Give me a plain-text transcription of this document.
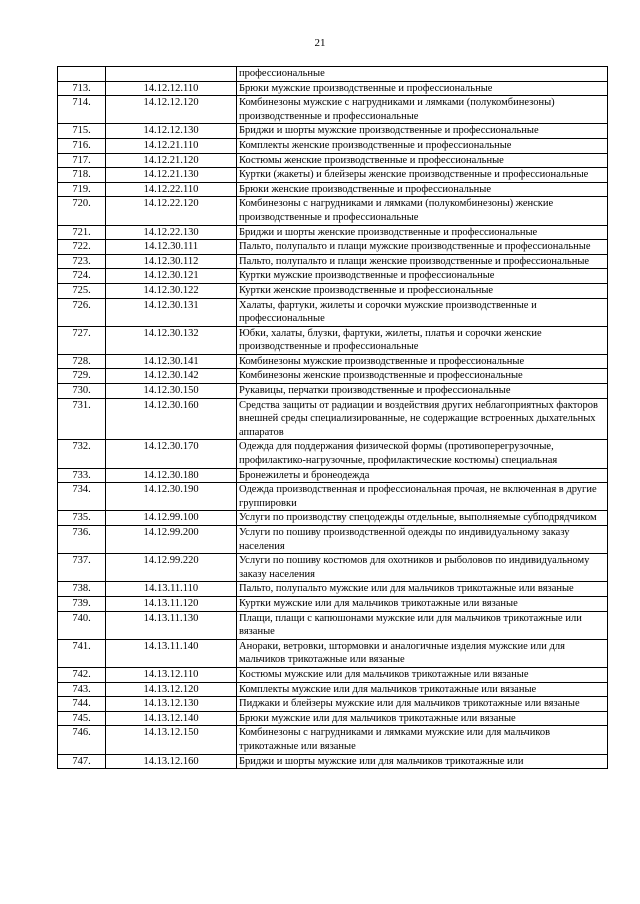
21
		профессиональные
713.	14.12.12.110	Брюки мужские производственные и профессиональные
714.	14.12.12.120	Комбинезоны мужские с нагрудниками и лямками (полукомбинезоны) производственные и профессиональные
715.	14.12.12.130	Бриджи и шорты мужские производственные и профессиональные
716.	14.12.21.110	Комплекты женские производственные и профессиональные
717.	14.12.21.120	Костюмы женские производственные и профессиональные
718.	14.12.21.130	Куртки (жакеты) и блейзеры женские производственные и профессиональные
719.	14.12.22.110	Брюки женские производственные и профессиональные
720.	14.12.22.120	Комбинезоны с нагрудниками и лямками (полукомбинезоны) женские производственные и профессиональные
721.	14.12.22.130	Бриджи и шорты женские производственные и профессиональные
722.	14.12.30.111	Пальто, полупальто и плащи мужские производственные и профессиональные
723.	14.12.30.112	Пальто, полупальто и плащи женские производственные и профессиональные
724.	14.12.30.121	Куртки мужские производственные и профессиональные
725.	14.12.30.122	Куртки женские производственные и профессиональные
726.	14.12.30.131	Халаты, фартуки, жилеты и сорочки мужские производственные и профессиональные
727.	14.12.30.132	Юбки, халаты, блузки, фартуки, жилеты, платья и сорочки женские производственные и профессиональные
728.	14.12.30.141	Комбинезоны мужские производственные и профессиональные
729.	14.12.30.142	Комбинезоны женские производственные и профессиональные
730.	14.12.30.150	Рукавицы, перчатки производственные и профессиональные
731.	14.12.30.160	Средства защиты от радиации и воздействия других неблагоприятных факторов внешней среды специализированные, не содержащие встроенных дыхательных аппаратов
732.	14.12.30.170	Одежда для поддержания физической формы (противоперегрузочные, профилактико-нагрузочные, профилактические костюмы) специальная
733.	14.12.30.180	Бронежилеты и бронеодежда
734.	14.12.30.190	Одежда производственная и профессиональная прочая, не включенная в другие группировки
735.	14.12.99.100	Услуги по производству спецодежды отдельные, выполняемые субподрядчиком
736.	14.12.99.200	Услуги по пошиву производственной одежды по индивидуальному заказу населения
737.	14.12.99.220	Услуги по пошиву костюмов для охотников и рыболовов по индивидуальному заказу населения
738.	14.13.11.110	Пальто, полупальто мужские или для мальчиков трикотажные или вязаные
739.	14.13.11.120	Куртки мужские или для мальчиков трикотажные или вязаные
740.	14.13.11.130	Плащи, плащи с капюшонами мужские или для мальчиков трикотажные или вязаные
741.	14.13.11.140	Анораки, ветровки, штормовки и аналогичные изделия мужские или для мальчиков трикотажные или вязаные
742.	14.13.12.110	Костюмы мужские или для мальчиков трикотажные или вязаные
743.	14.13.12.120	Комплекты мужские или для мальчиков трикотажные или вязаные
744.	14.13.12.130	Пиджаки и блейзеры мужские или для мальчиков трикотажные или вязаные
745.	14.13.12.140	Брюки мужские или для мальчиков трикотажные или вязаные
746.	14.13.12.150	Комбинезоны с нагрудниками и лямками мужские или для мальчиков трикотажные или вязаные
747.	14.13.12.160	Бриджи и шорты мужские или для мальчиков трикотажные или
